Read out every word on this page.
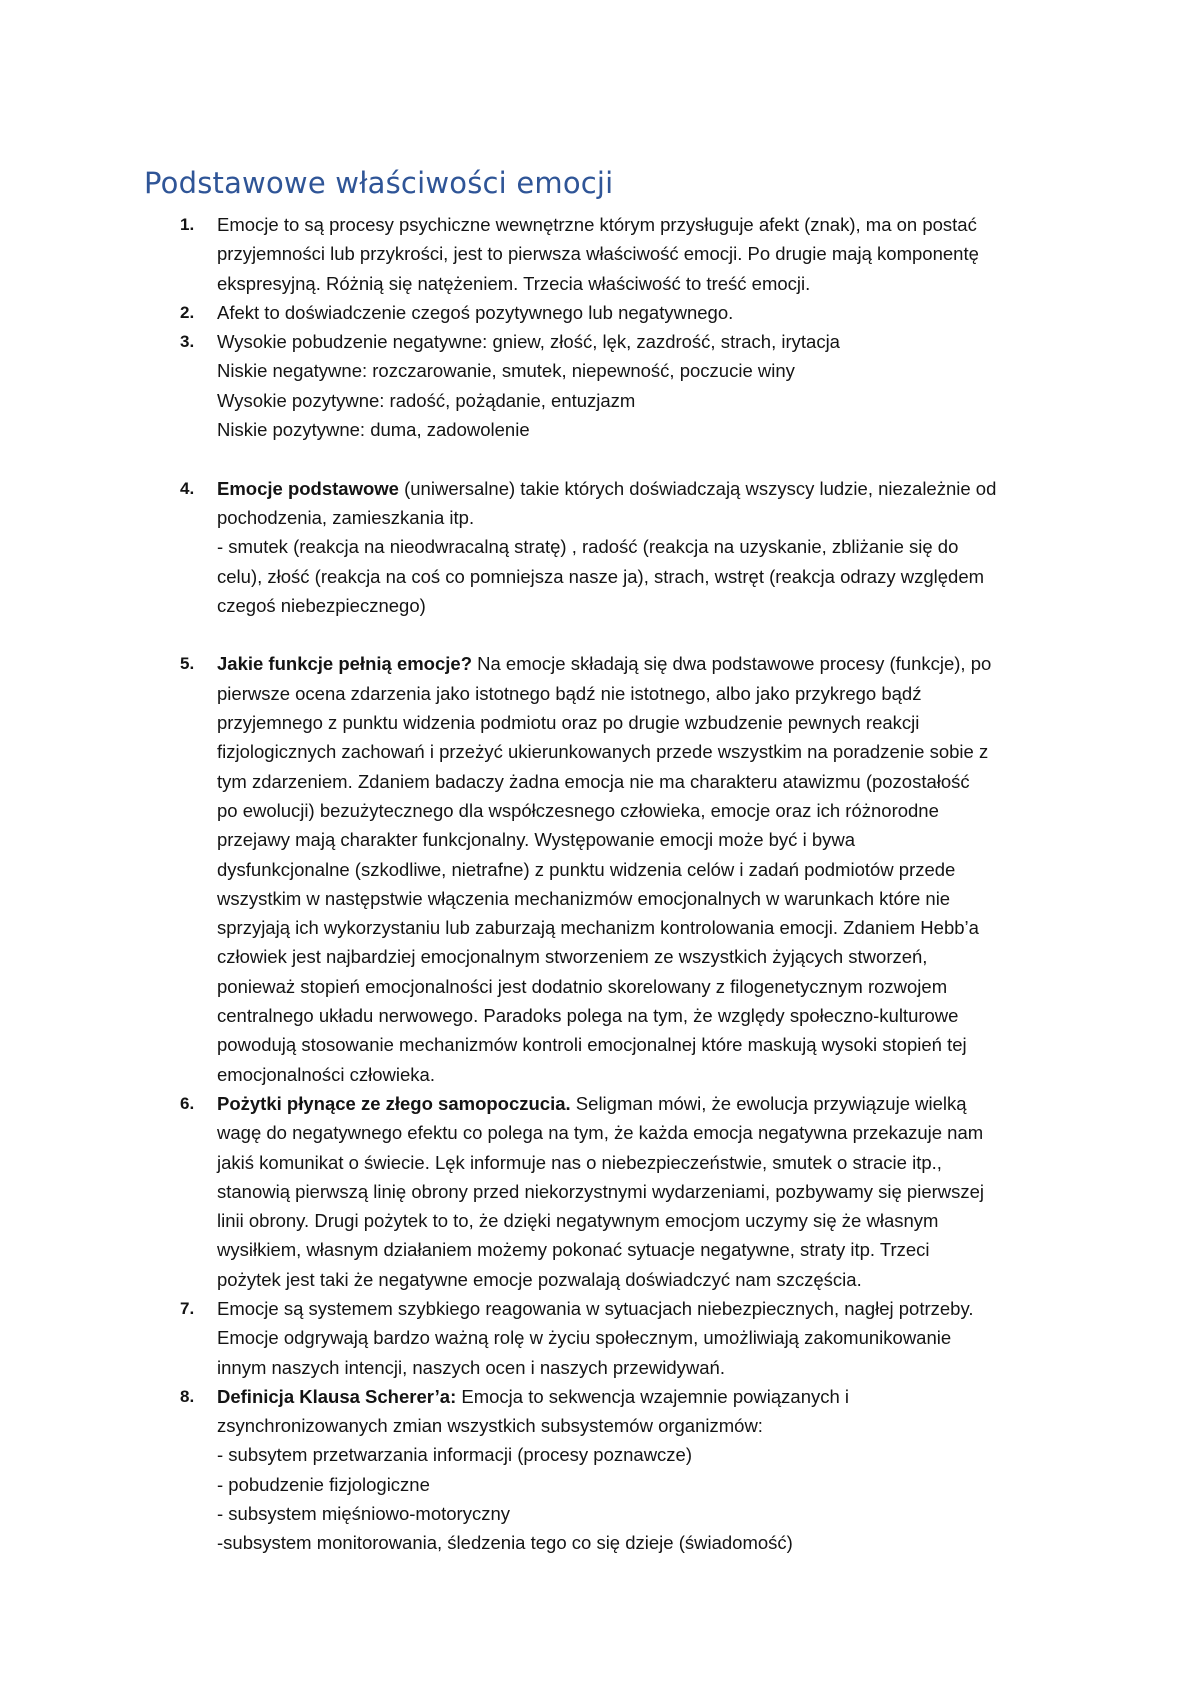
Podstawowe właściwości emocji
1. Emocje to są procesy psychiczne wewnętrzne którym przysługuje afekt (znak), ma on postać
przyjemności lub przykrości, jest to pierwsza właściwość emocji. Po drugie mają komponentę
ekspresyjną. Różnią się natężeniem. Trzecia właściwość to treść emocji.
2. Afekt to doświadczenie czegoś pozytywnego lub negatywnego.
3. Wysokie pobudzenie negatywne: gniew, złość, lęk, zazdrość, strach, irytacja
Niskie negatywne: rozczarowanie, smutek, niepewność, poczucie winy
Wysokie pozytywne: radość, pożądanie, entuzjazm
Niskie pozytywne: duma, zadowolenie
4. Emocje podstawowe (uniwersalne) takie których doświadczają wszyscy ludzie, niezależnie od
pochodzenia, zamieszkania itp.
- smutek (reakcja na nieodwracalną stratę) , radość (reakcja na uzyskanie, zbliżanie się do
celu), złość (reakcja na coś co pomniejsza nasze ja), strach, wstręt (reakcja odrazy względem
czegoś niebezpiecznego)
5. Jakie funkcje pełnią emocje? Na emocje składają się dwa podstawowe procesy (funkcje), po
pierwsze ocena zdarzenia jako istotnego bądź nie istotnego, albo jako przykrego bądź
przyjemnego z punktu widzenia podmiotu oraz po drugie wzbudzenie pewnych reakcji
fizjologicznych zachowań i przeżyć ukierunkowanych przede wszystkim na poradzenie sobie z
tym zdarzeniem. Zdaniem badaczy żadna emocja nie ma charakteru atawizmu (pozostałość
po ewolucji) bezużytecznego dla współczesnego człowieka, emocje oraz ich różnorodne
przejawy mają charakter funkcjonalny. Występowanie emocji może być i bywa
dysfunkcjonalne (szkodliwe, nietrafne) z punktu widzenia celów i zadań podmiotów przede
wszystkim w następstwie włączenia mechanizmów emocjonalnych w warunkach które nie
sprzyjają ich wykorzystaniu lub zaburzają mechanizm kontrolowania emocji. Zdaniem Hebb’a
człowiek jest najbardziej emocjonalnym stworzeniem ze wszystkich żyjących stworzeń,
ponieważ stopień emocjonalności jest dodatnio skorelowany z filogenetycznym rozwojem
centralnego układu nerwowego. Paradoks polega na tym, że względy społeczno-kulturowe
powodują stosowanie mechanizmów kontroli emocjonalnej które maskują wysoki stopień tej
emocjonalności człowieka.
6. Pożytki płynące ze złego samopoczucia. Seligman mówi, że ewolucja przywiązuje wielką
wagę do negatywnego efektu co polega na tym, że każda emocja negatywna przekazuje nam
jakiś komunikat o świecie. Lęk informuje nas o niebezpieczeństwie, smutek o stracie itp.,
stanowią pierwszą linię obrony przed niekorzystnymi wydarzeniami, pozbywamy się pierwszej
linii obrony. Drugi pożytek to to, że dzięki negatywnym emocjom uczymy się że własnym
wysiłkiem, własnym działaniem możemy pokonać sytuacje negatywne, straty itp. Trzeci
pożytek jest taki że negatywne emocje pozwalają doświadczyć nam szczęścia.
7. Emocje są systemem szybkiego reagowania w sytuacjach niebezpiecznych, nagłej potrzeby.
Emocje odgrywają bardzo ważną rolę w życiu społecznym, umożliwiają zakomunikowanie
innym naszych intencji, naszych ocen i naszych przewidywań.
8. Definicja Klausa Scherer’a: Emocja to sekwencja wzajemnie powiązanych i
zsynchronizowanych zmian wszystkich subsystemów organizmów:
- subsytem przetwarzania informacji (procesy poznawcze)
- pobudzenie fizjologiczne
- subsystem mięśniowo-motoryczny
-subsystem monitorowania, śledzenia tego co się dzieje (świadomość)
